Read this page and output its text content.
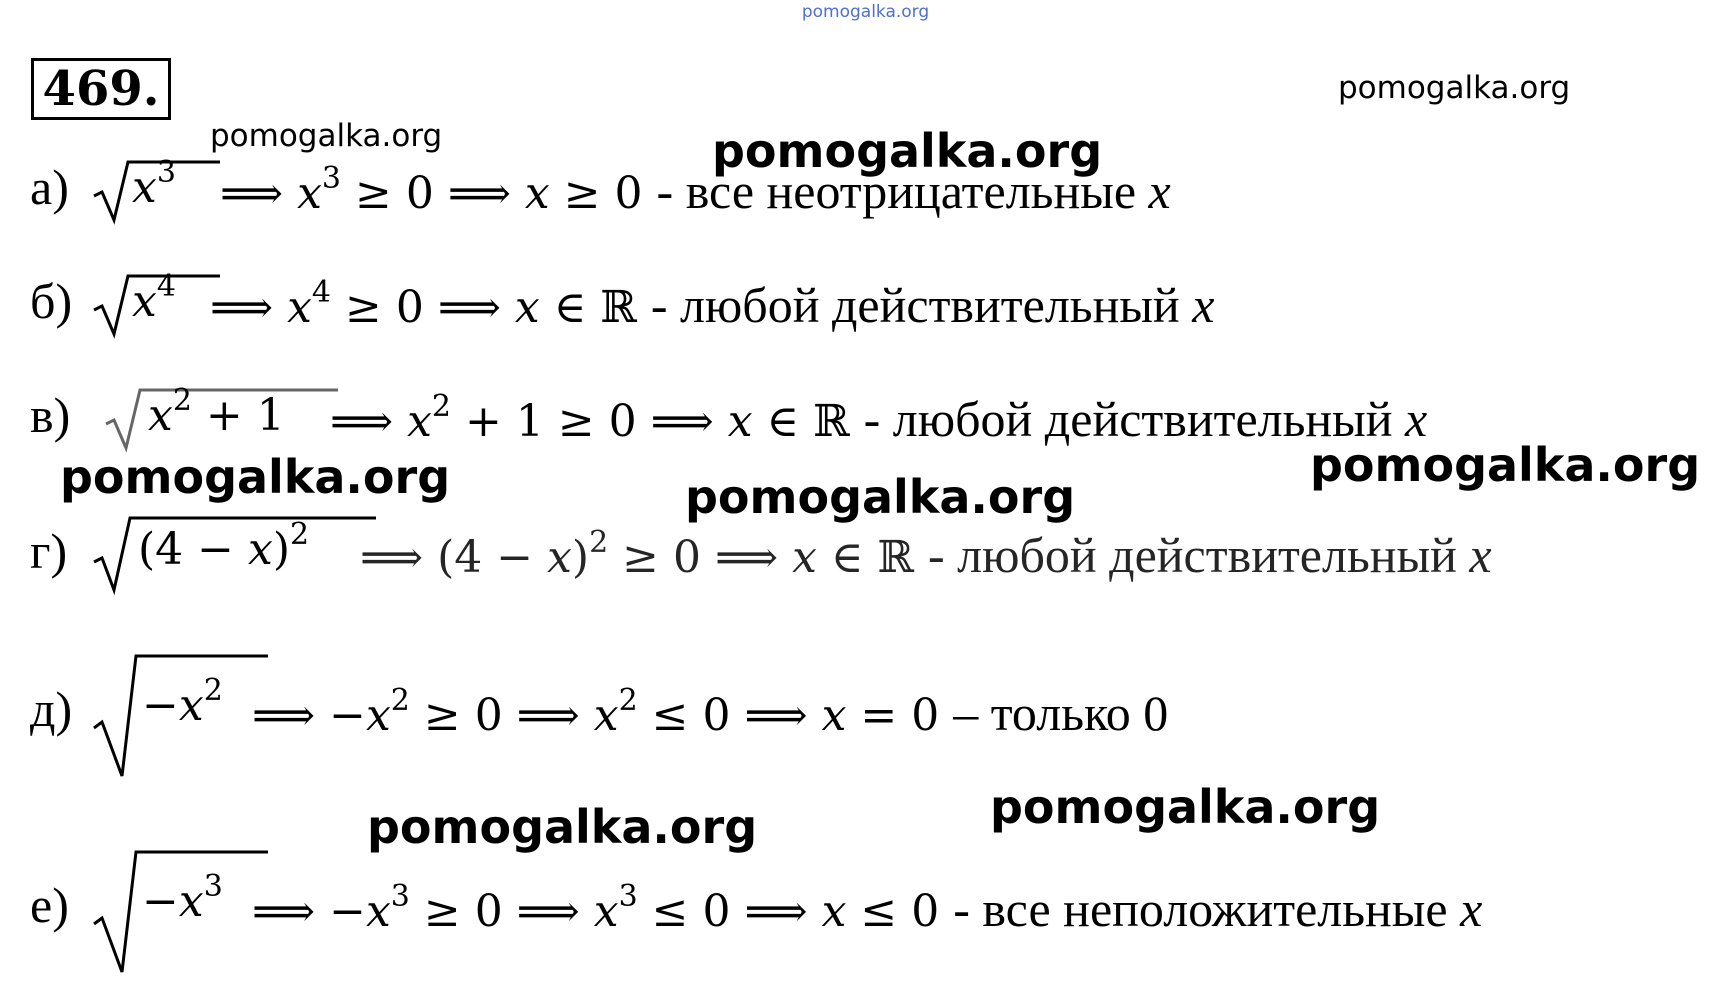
pomogalka.org
469.	pomogalka.org
pomogalka.org	pomogalka.org
pomogalka.org	pomogalka.org
pomogalka.org
pomogalka.org	pomogalka.org
а) $x^3$ ⟹ $x^3 \ge 0$ ⟹ x ≥ 0 - все неотрицательные x
б) $x^4$ ⟹ $x^4 \ge 0$ ⟹ x ∈ ℝ - любой действительный x
в) $x^2 + 1$ ⟹ $x^2 + 1 \ge 0$ ⟹ x ∈ ℝ - любой действительный x
г) $(4 - x)^2$ ⟹ $(4 - x)^2 \ge 0$ ⟹ x ∈ ℝ - любой действительный x
$д) -x^2$ ⟹ $-x^2 \ge 0$ ⟹ $x^2 \le 0$ ⟹ x = 0 – только 0
$е) -x^3$ ⟹ $-x^3 \ge 0$ ⟹ $x^3 \le 0$ ⟹ x ≤ 0 - все неположительные x
